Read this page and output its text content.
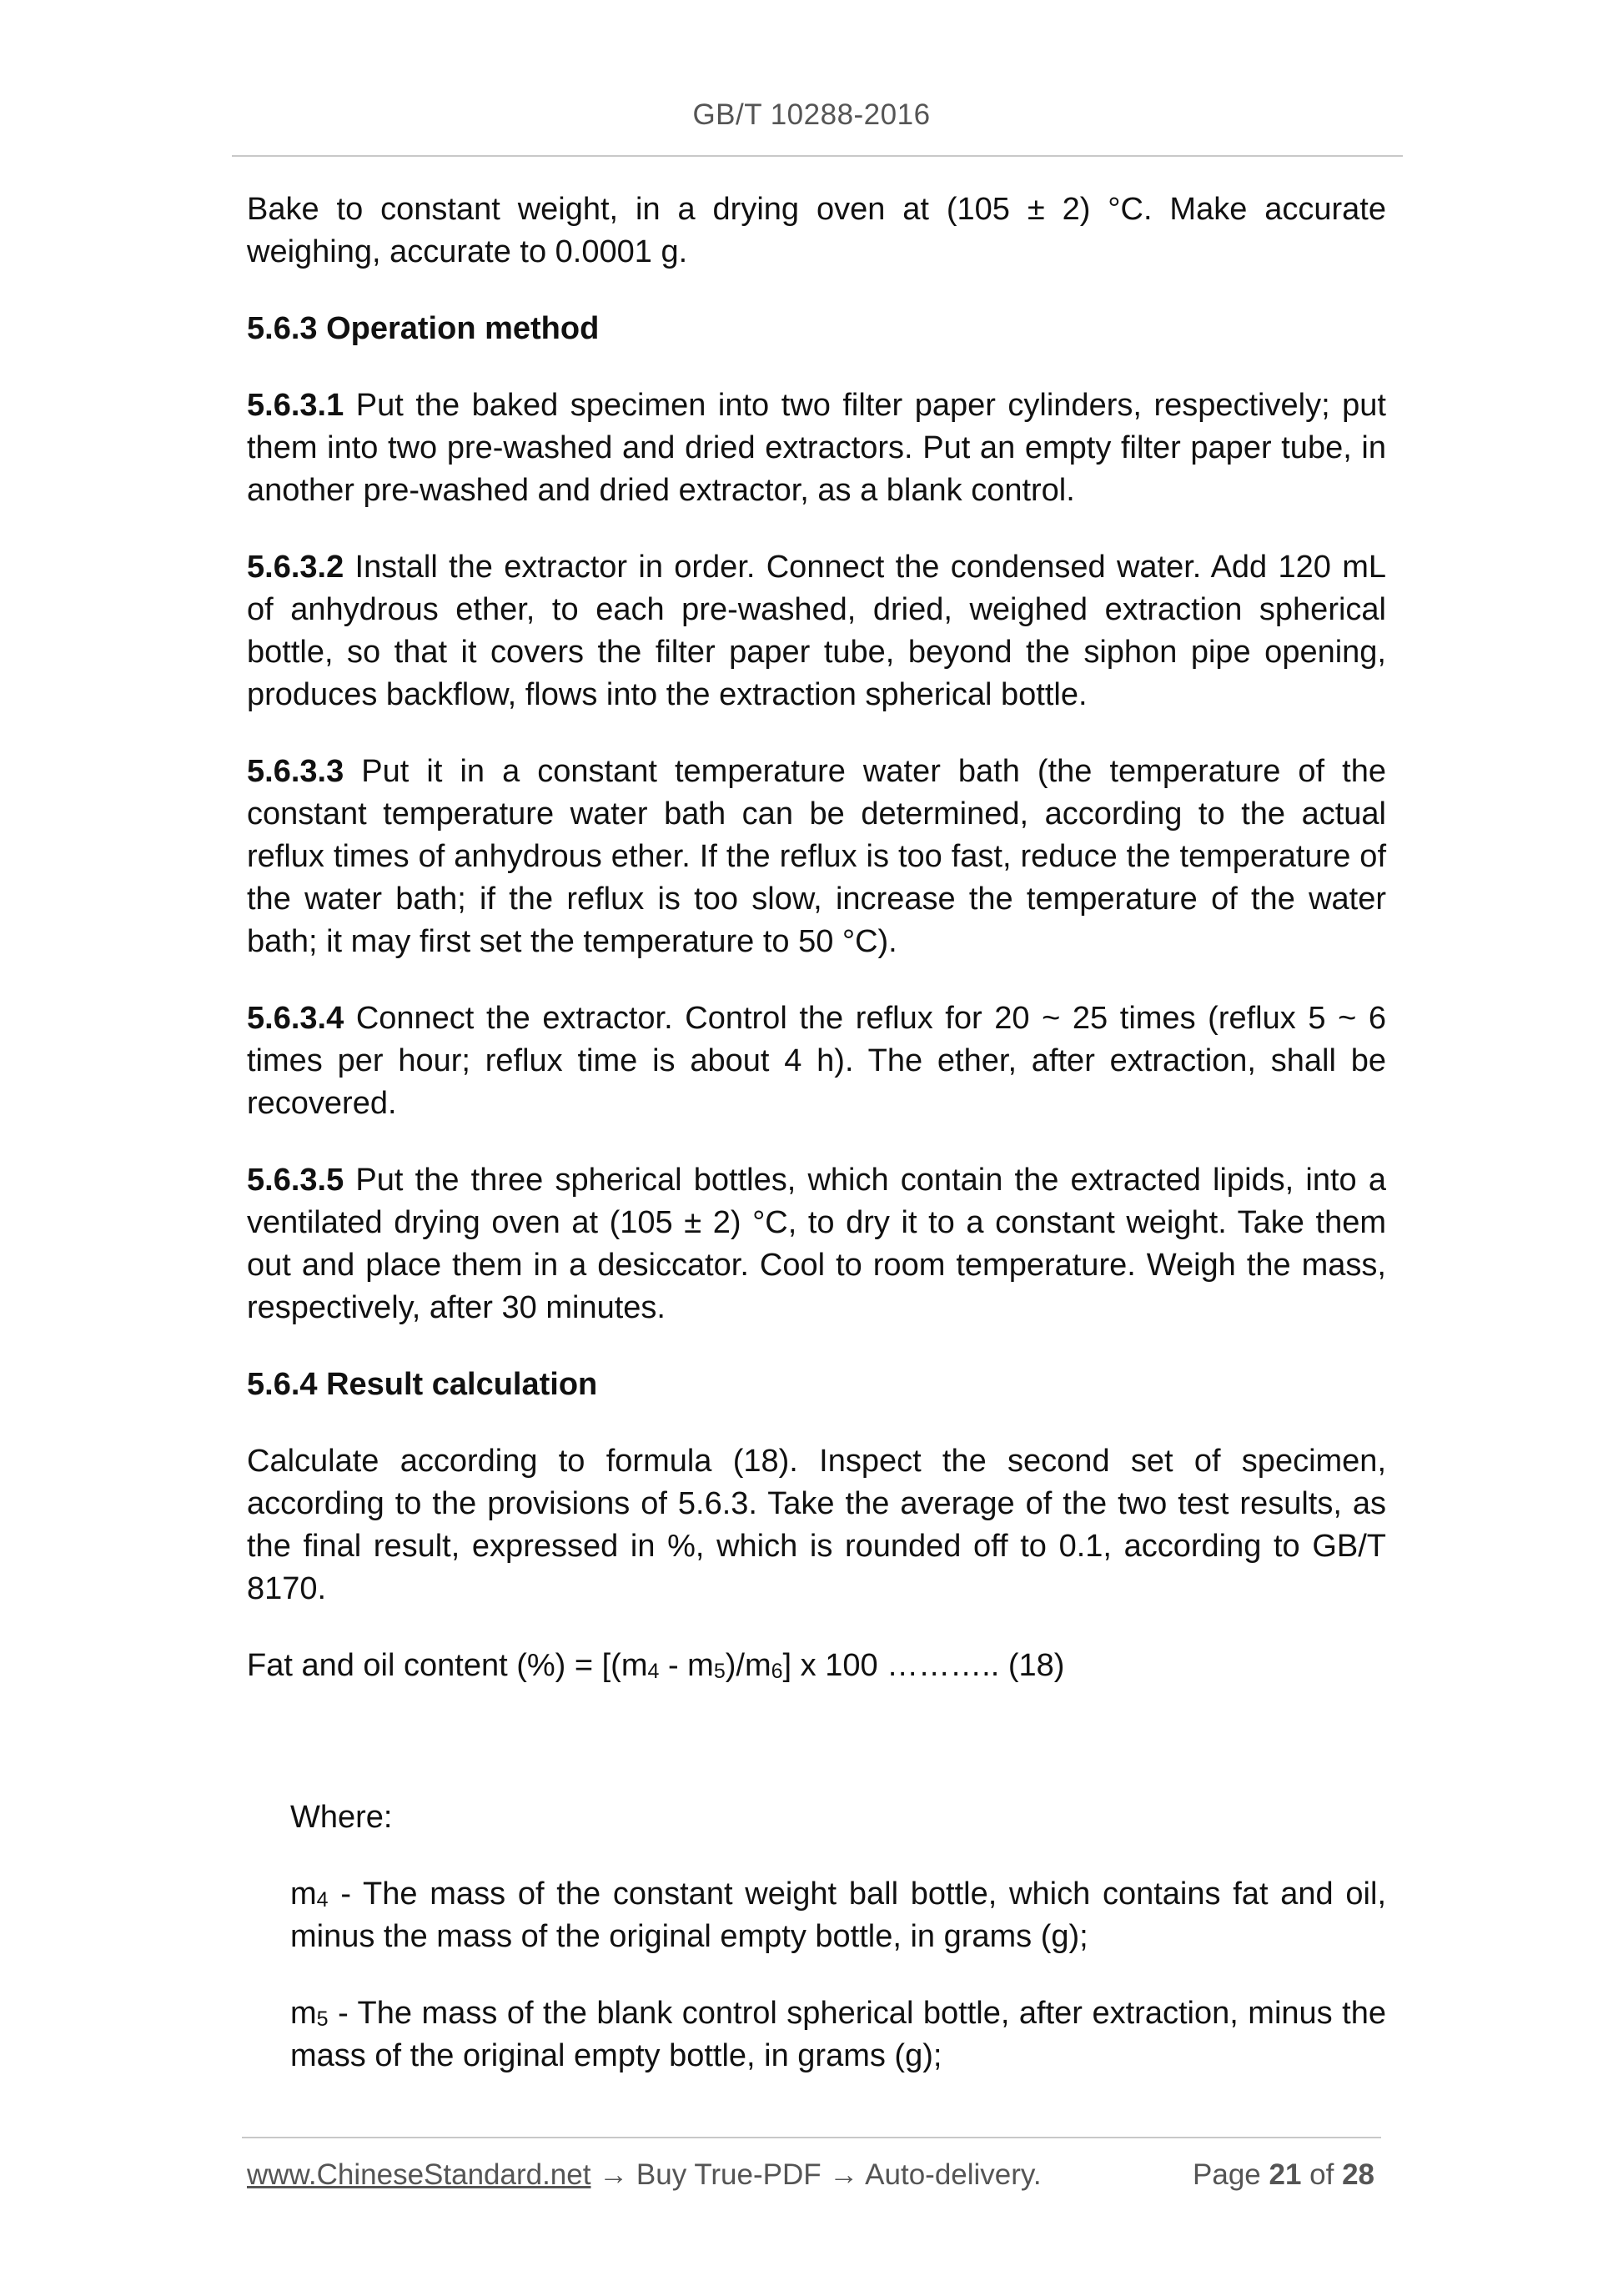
GB/T 10288-2016

Bake to constant weight, in a drying oven at (105 ± 2) °C. Make accurate weighing, accurate to 0.0001 g.

5.6.3 Operation method

5.6.3.1 Put the baked specimen into two filter paper cylinders, respectively; put them into two pre-washed and dried extractors. Put an empty filter paper tube, in another pre-washed and dried extractor, as a blank control.

5.6.3.2 Install the extractor in order. Connect the condensed water. Add 120 mL of anhydrous ether, to each pre-washed, dried, weighed extraction spherical bottle, so that it covers the filter paper tube, beyond the siphon pipe opening, produces backflow, flows into the extraction spherical bottle.

5.6.3.3 Put it in a constant temperature water bath (the temperature of the constant temperature water bath can be determined, according to the actual reflux times of anhydrous ether. If the reflux is too fast, reduce the temperature of the water bath; if the reflux is too slow, increase the temperature of the water bath; it may first set the temperature to 50 °C).

5.6.3.4 Connect the extractor. Control the reflux for 20 ~ 25 times (reflux 5 ~ 6 times per hour; reflux time is about 4 h). The ether, after extraction, shall be recovered.

5.6.3.5 Put the three spherical bottles, which contain the extracted lipids, into a ventilated drying oven at (105 ± 2) °C, to dry it to a constant weight. Take them out and place them in a desiccator. Cool to room temperature. Weigh the mass, respectively, after 30 minutes.

5.6.4 Result calculation

Calculate according to formula (18). Inspect the second set of specimen, according to the provisions of 5.6.3. Take the average of the two test results, as the final result, expressed in %, which is rounded off to 0.1, according to GB/T 8170.

Fat and oil content (%) = $[(m_4 - m_5)/m_6]$ x 100 ……….. (18)

Where:

$m_4$ - The mass of the constant weight ball bottle, which contains fat and oil, minus the mass of the original empty bottle, in grams (g);

$m_5$ - The mass of the blank control spherical bottle, after extraction, minus the mass of the original empty bottle, in grams (g);

www.ChineseStandard.net → Buy True-PDF → Auto-delivery.	Page 21 of 28
